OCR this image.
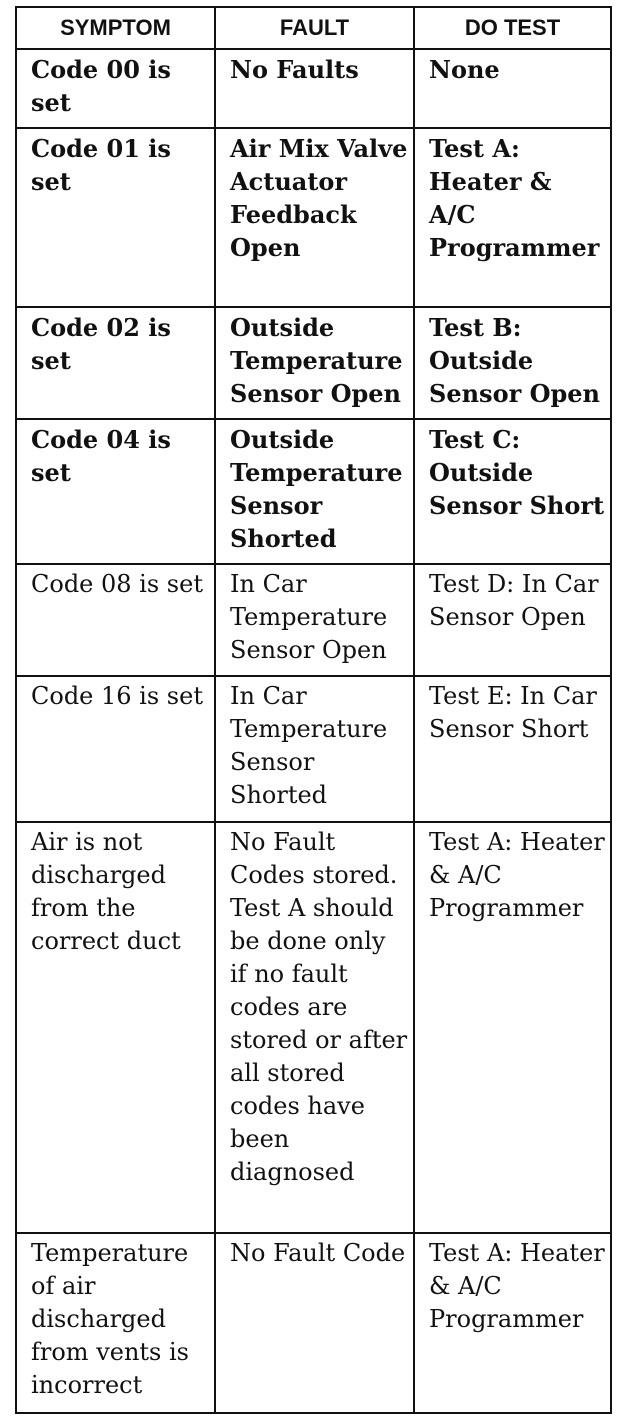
SYMPTOM	FAULT	DO TEST
Code 00 is set	No Faults	None
Code 01 is set	Air Mix Valve Actuator Feedback Open	Test A: Heater & A/C Programmer
Code 02 is set	Outside Temperature Sensor Open	Test B: Outside Sensor Open
Code 04 is set	Outside Temperature Sensor Shorted	Test C: Outside Sensor Short
Code 08 is set	In Car Temperature Sensor Open	Test D: In Car Sensor Open
Code 16 is set	In Car Temperature Sensor Shorted	Test E: In Car Sensor Short
Air is not discharged from the correct duct	No Fault Codes stored. Test A should be done only if no fault codes are stored or after all stored codes have been diagnosed	Test A: Heater & A/C Programmer
Temperature of air discharged from vents is incorrect	No Fault Code	Test A: Heater & A/C Programmer
